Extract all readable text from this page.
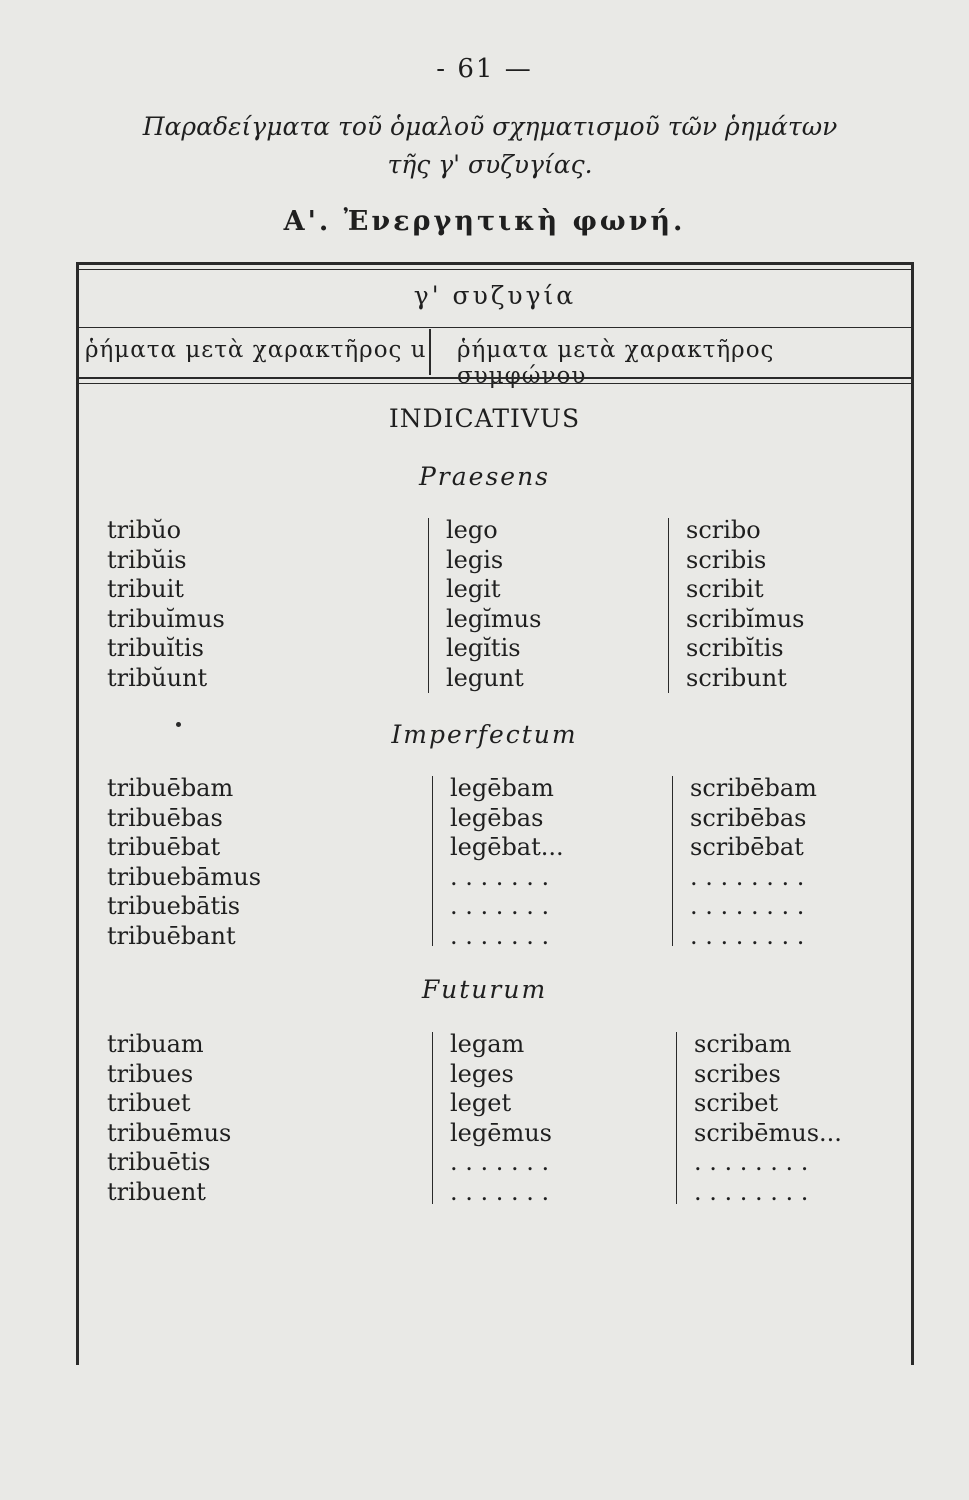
- 61 —
Παραδείγματα τοῦ ὁμαλοῦ σχηματισμοῦ τῶν ῥημάτων
τῆς γ' συζυγίας.
Α'. Ἐνεργητικὴ φωνή.
γ' συζυγία
ῥήματα μετὰ χαρακτῆρος u ῥήματα μετὰ χαρακτῆρος συμφώνου
INDICATIVUS
Praesens
tribŭo
tribŭis
tribuit
tribuĭmus
tribuĭtis
tribŭunt
lego
legis
legit
legĭmus
legĭtis
legunt
scribo
scribis
scribit
scribĭmus
scribĭtis
scribunt
Imperfectum
tribuēbam
tribuēbas
tribuēbat
tribuebāmus
tribuebātis
tribuēbant
legēbam
legēbas
legēbat...
. . . . . . .
. . . . . . .
. . . . . . .
scribēbam
scribēbas
scribēbat
. . . . . . . .
. . . . . . . .
. . . . . . . .
Futurum
tribuam
tribues
tribuet
tribuēmus
tribuētis
tribuent
legam
leges
leget
legēmus
. . . . . . .
. . . . . . .
scribam
scribes
scribet
scribēmus...
. . . . . . . .
. . . . . . . .
